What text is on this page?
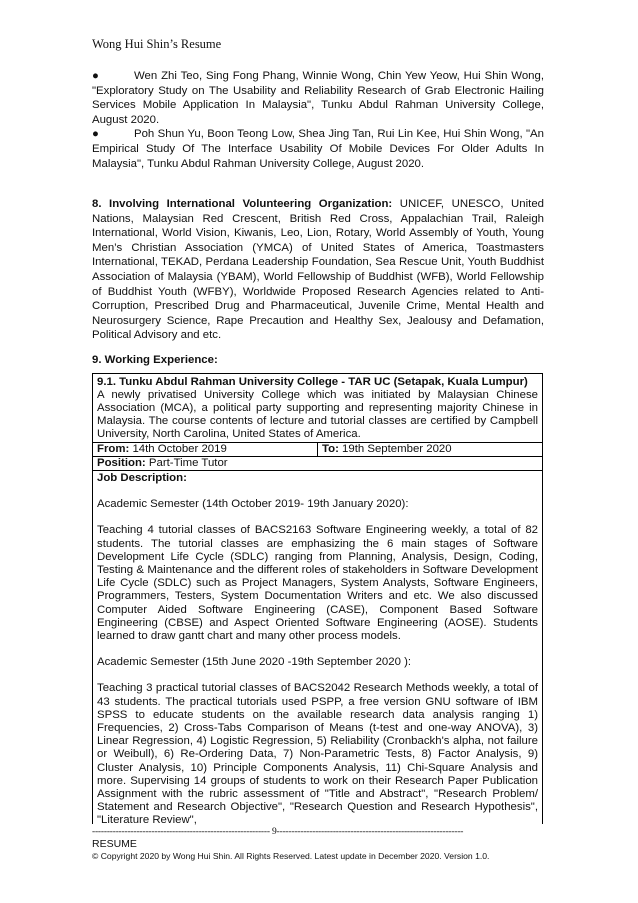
Wong Hui Shin’s Resume

●	Wen Zhi Teo, Sing Fong Phang, Winnie Wong, Chin Yew Yeow, Hui Shin Wong, "Exploratory Study on The Usability and Reliability Research of Grab Electronic Hailing Services Mobile Application In Malaysia", Tunku Abdul Rahman University College, August 2020.

●	Poh Shun Yu, Boon Teong Low, Shea Jing Tan, Rui Lin Kee, Hui Shin Wong, "An Empirical Study Of The Interface Usability Of Mobile Devices For Older Adults In Malaysia", Tunku Abdul Rahman University College, August 2020.

8. Involving International Volunteering Organization: UNICEF, UNESCO, United Nations, Malaysian Red Crescent, British Red Cross, Appalachian Trail, Raleigh International, World Vision, Kiwanis, Leo, Lion, Rotary, World Assembly of Youth, Young Men’s Christian Association (YMCA) of United States of America, Toastmasters International, TEKAD, Perdana Leadership Foundation, Sea Rescue Unit, Youth Buddhist Association of Malaysia (YBAM), World Fellowship of Buddhist (WFB), World Fellowship of Buddhist Youth (WFBY), Worldwide Proposed Research Agencies related to Anti-Corruption, Prescribed Drug and Pharmaceutical, Juvenile Crime, Mental Health and Neurosurgery Science, Rape Precaution and Healthy Sex, Jealousy and Defamation, Political Advisory and etc.

9. Working Experience:

9.1. Tunku Abdul Rahman University College - TAR UC (Setapak, Kuala Lumpur)

A newly privatised University College which was initiated by Malaysian Chinese Association (MCA), a political party supporting and representing majority Chinese in Malaysia. The course contents of lecture and tutorial classes are certified by Campbell University, North Carolina, United States of America.

From: 14th October 2019	To: 19th September 2020
Position: Part-Time Tutor

Job Description:

Academic Semester (14th October 2019- 19th January 2020):

Teaching 4 tutorial classes of BACS2163 Software Engineering weekly, a total of 82 students. The tutorial classes are emphasizing the 6 main stages of Software Development Life Cycle (SDLC) ranging from Planning, Analysis, Design, Coding, Testing & Maintenance and the different roles of stakeholders in Software Development Life Cycle (SDLC) such as Project Managers, System Analysts, Software Engineers, Programmers, Testers, System Documentation Writers and etc. We also discussed Computer Aided Software Engineering (CASE), Component Based Software Engineering (CBSE) and Aspect Oriented Software Engineering (AOSE). Students learned to draw gantt chart and many other process models.

Academic Semester (15th June 2020 -19th September 2020 ):

Teaching 3 practical tutorial classes of BACS2042 Research Methods weekly, a total of 43 students. The practical tutorials used PSPP, a free version GNU software of IBM SPSS to educate students on the available research data analysis ranging 1) Frequencies, 2) Cross-Tabs Comparison of Means (t-test and one-way ANOVA), 3) Linear Regression, 4) Logistic Regression, 5) Reliability (Cronbackh's alpha, not failure or Weibull), 6) Re-Ordering Data, 7) Non-Parametric Tests, 8) Factor Analysis, 9) Cluster Analysis, 10) Principle Components Analysis, 11) Chi-Square Analysis and more. Supervising 14 groups of students to work on their Research Paper Publication Assignment with the rubric assessment of "Title and Abstract", "Research Problem/ Statement and Research Objective", "Research Question and Research Hypothesis", "Literature Review",

------------------------------------------------------------ 9---------------------------------------------------------------
RESUME
© Copyright 2020 by Wong Hui Shin. All Rights Reserved. Latest update in December 2020. Version 1.0.
